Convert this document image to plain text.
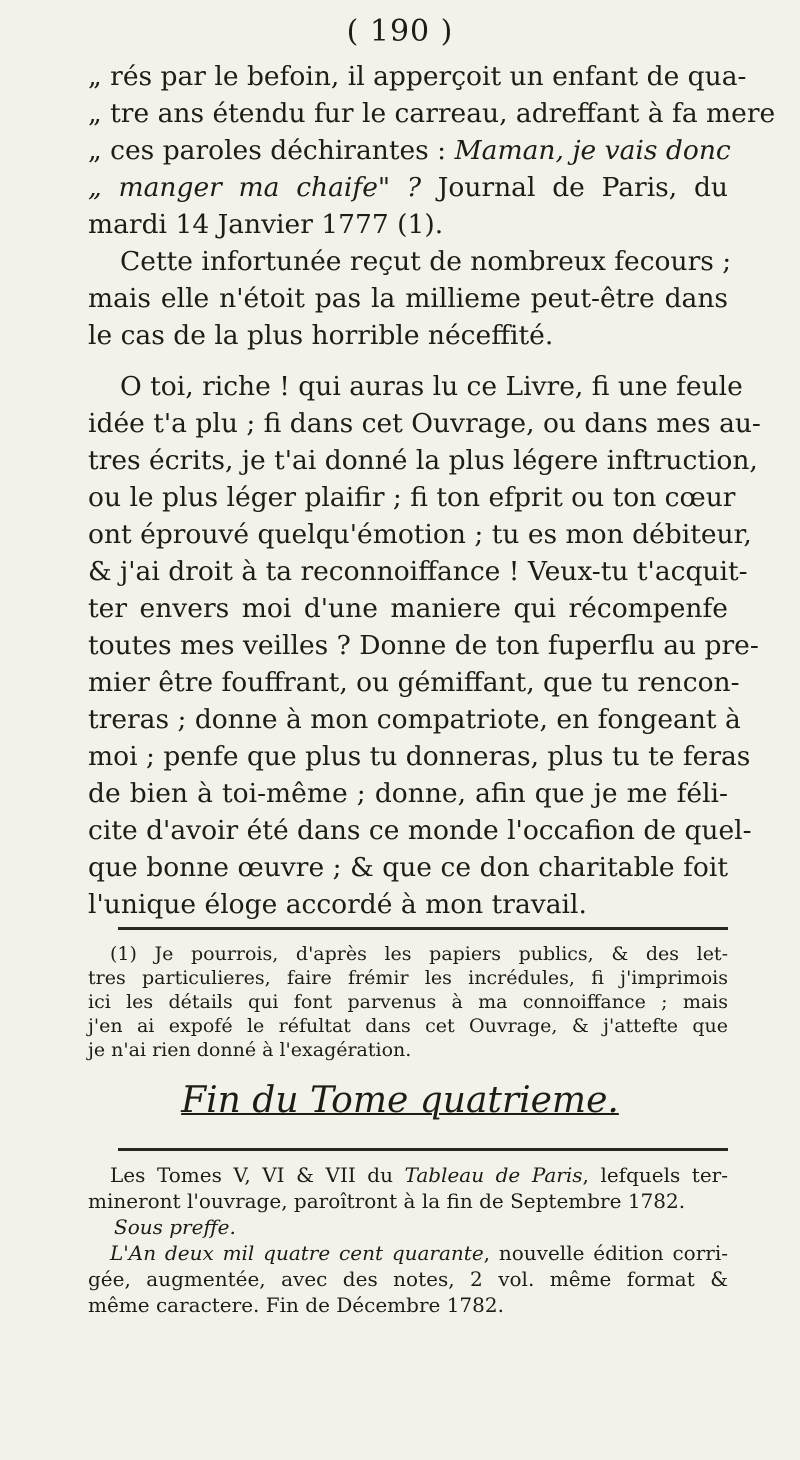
( 190 )
„ rés par le befoin, il apperçoit un enfant de qua-
„ tre ans étendu fur le carreau, adreffant à fa mere
„ ces paroles déchirantes : Maman, je vais donc
„ manger ma chaife" ? Journal de Paris, du
mardi 14 Janvier 1777 (1).
Cette infortunée reçut de nombreux fecours ;
mais elle n'étoit pas la millieme peut-être dans
le cas de la plus horrible néceffité.
O toi, riche ! qui auras lu ce Livre, fi une feule
idée t'a plu ; fi dans cet Ouvrage, ou dans mes au-
tres écrits, je t'ai donné la plus légere inftruction,
ou le plus léger plaifir ; fi ton efprit ou ton cœur
ont éprouvé quelqu'émotion ; tu es mon débiteur,
& j'ai droit à ta reconnoiffance ! Veux-tu t'acquit-
ter envers moi d'une maniere qui récompenfe
toutes mes veilles ? Donne de ton fuperflu au pre-
mier être fouffrant, ou gémiffant, que tu rencon-
treras ; donne à mon compatriote, en fongeant à
moi ; penfe que plus tu donneras, plus tu te feras
de bien à toi-même ; donne, afin que je me féli-
cite d'avoir été dans ce monde l'occafion de quel-
que bonne œuvre ; & que ce don charitable foit
l'unique éloge accordé à mon travail.
(1) Je pourrois, d'après les papiers publics, & des let-
tres particulieres, faire frémir les incrédules, fi j'imprimois
ici les détails qui font parvenus à ma connoiffance ; mais
j'en ai expofé le réfultat dans cet Ouvrage, & j'attefte que
je n'ai rien donné à l'exagération.
Fin du Tome quatrieme.
Les Tomes V, VI & VII du Tableau de Paris, lefquels ter-
mineront l'ouvrage, paroîtront à la fin de Septembre 1782.
Sous preffe.
L'An deux mil quatre cent quarante, nouvelle édition corri-
gée, augmentée, avec des notes, 2 vol. même format &
même caractere. Fin de Décembre 1782.
